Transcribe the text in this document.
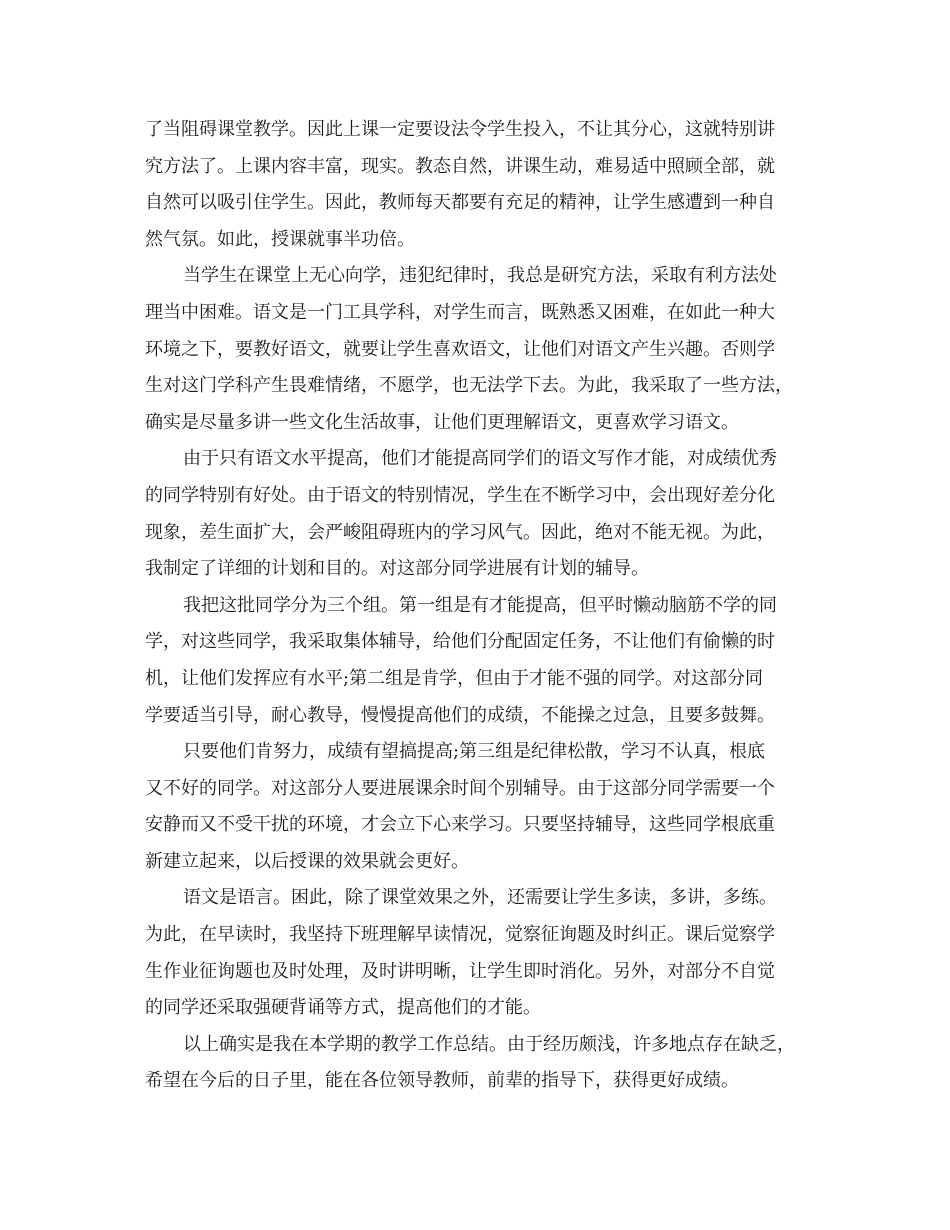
了当阻碍课堂教学。因此上课一定要设法令学生投入，不让其分心，这就特别讲
究方法了。上课内容丰富，现实。教态自然，讲课生动，难易适中照顾全部，就
自然可以吸引住学生。因此，教师每天都要有充足的精神，让学生感遭到一种自
然气氛。如此，授课就事半功倍。
当学生在课堂上无心向学，违犯纪律时，我总是研究方法，采取有利方法处
理当中困难。语文是一门工具学科，对学生而言，既熟悉又困难，在如此一种大
环境之下，要教好语文，就要让学生喜欢语文，让他们对语文产生兴趣。否则学
生对这门学科产生畏难情绪，不愿学，也无法学下去。为此，我采取了一些方法，
确实是尽量多讲一些文化生活故事，让他们更理解语文，更喜欢学习语文。
由于只有语文水平提高，他们才能提高同学们的语文写作才能，对成绩优秀
的同学特别有好处。由于语文的特别情况，学生在不断学习中，会出现好差分化
现象，差生面扩大，会严峻阻碍班内的学习风气。因此，绝对不能无视。为此，
我制定了详细的计划和目的。对这部分同学进展有计划的辅导。
我把这批同学分为三个组。第一组是有才能提高，但平时懒动脑筋不学的同
学，对这些同学，我采取集体辅导，给他们分配固定任务，不让他们有偷懒的时
机，让他们发挥应有水平;第二组是肯学，但由于才能不强的同学。对这部分同
学要适当引导，耐心教导，慢慢提高他们的成绩，不能操之过急，且要多鼓舞。
只要他们肯努力，成绩有望搞提高;第三组是纪律松散，学习不认真，根底
又不好的同学。对这部分人要进展课余时间个别辅导。由于这部分同学需要一个
安静而又不受干扰的环境，才会立下心来学习。只要坚持辅导，这些同学根底重
新建立起来，以后授课的效果就会更好。
语文是语言。困此，除了课堂效果之外，还需要让学生多读，多讲，多练。
为此，在早读时，我坚持下班理解早读情况，觉察征询题及时纠正。课后觉察学
生作业征询题也及时处理，及时讲明晰，让学生即时消化。另外，对部分不自觉
的同学还采取强硬背诵等方式，提高他们的才能。
以上确实是我在本学期的教学工作总结。由于经历颇浅，许多地点存在缺乏，
希望在今后的日子里，能在各位领导教师，前辈的指导下，获得更好成绩。
